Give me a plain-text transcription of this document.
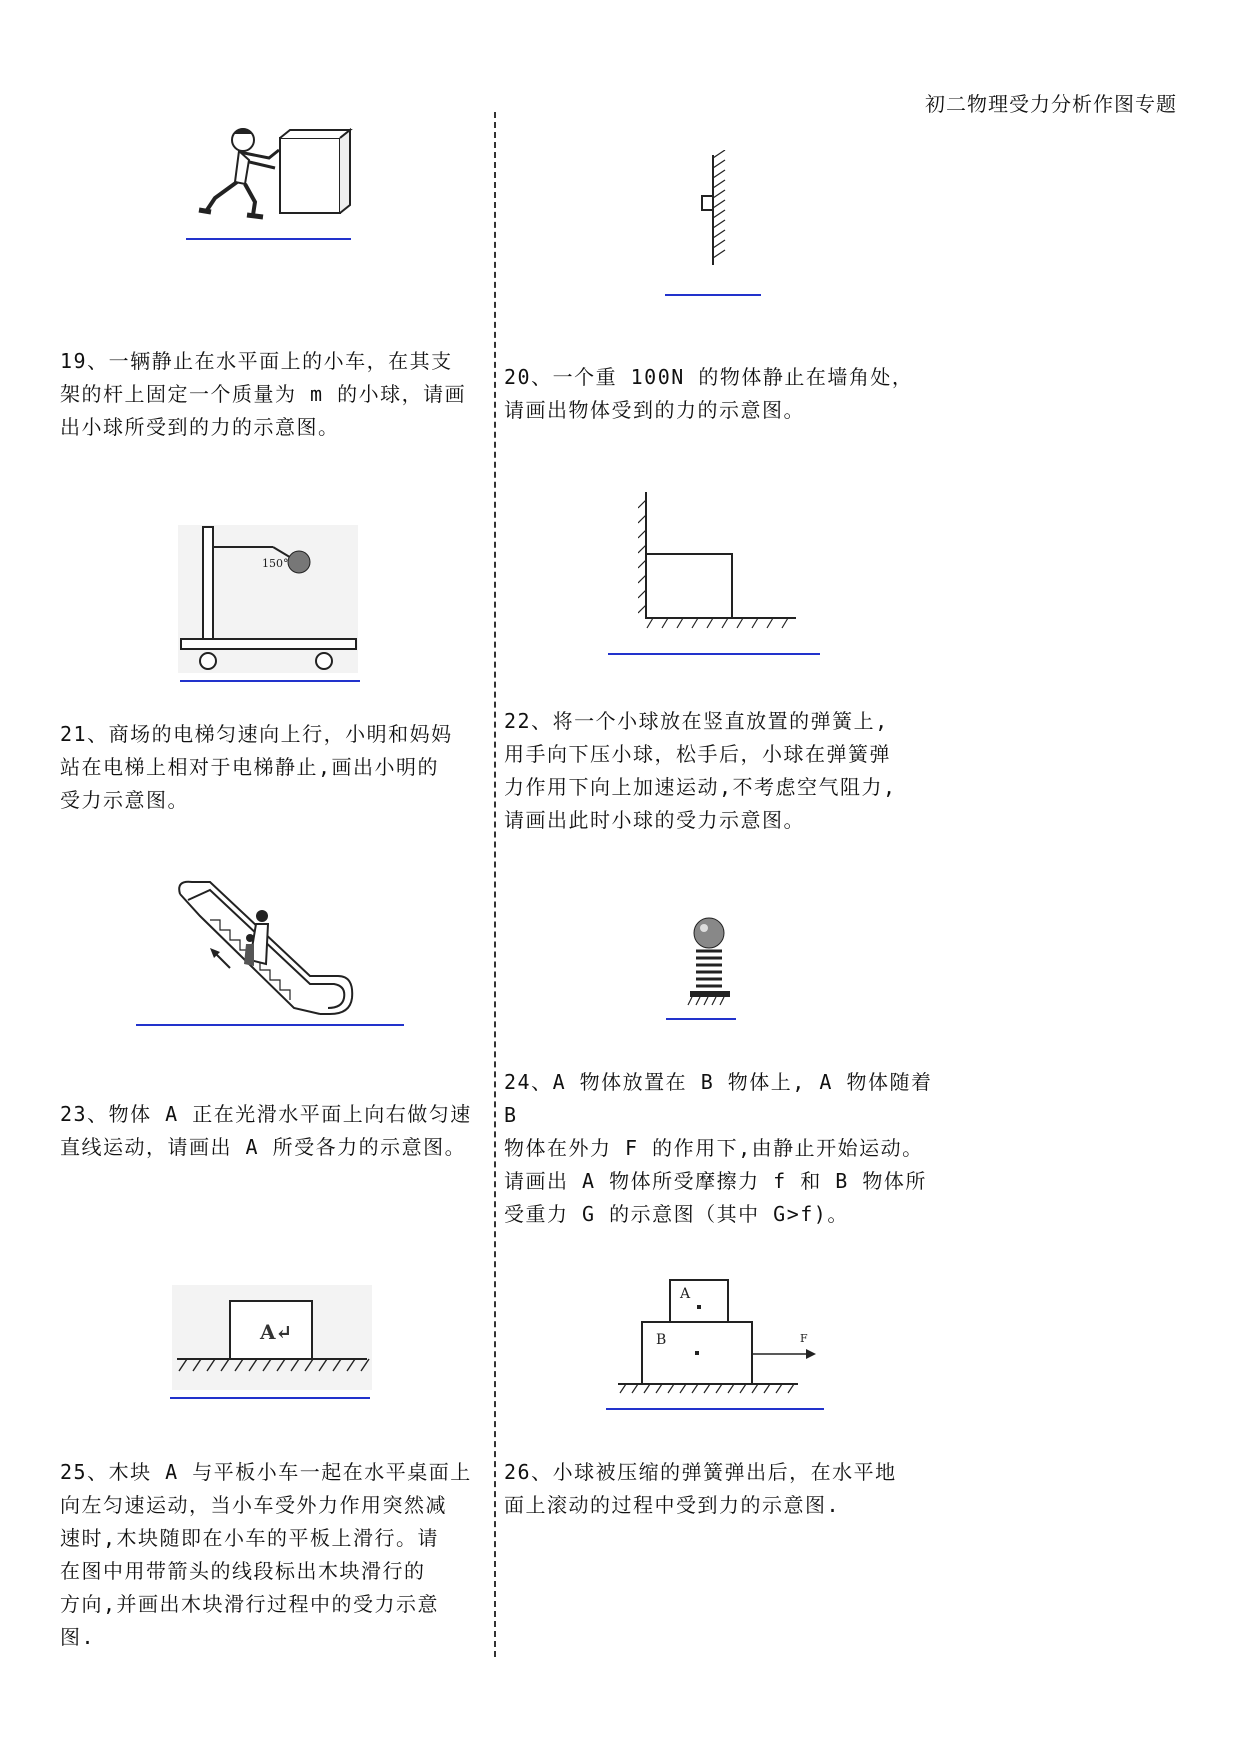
初二物理受力分析作图专题
19、一辆静止在水平面上的小车，在其支
架的杆上固定一个质量为 m 的小球，请画
出小球所受到的力的示意图。
20、一个重 100N 的物体静止在墙角处，
请画出物体受到的力的示意图。
150°
21、商场的电梯匀速向上行，小明和妈妈
站在电梯上相对于电梯静止,画出小明的
受力示意图。
22、将一个小球放在竖直放置的弹簧上,
用手向下压小球，松手后，小球在弹簧弹
力作用下向上加速运动,不考虑空气阻力,
请画出此时小球的受力示意图。
23、物体 A 正在光滑水平面上向右做匀速
直线运动，请画出 A 所受各力的示意图。
24、A 物体放置在 B 物体上, A 物体随着 B
物体在外力 F 的作用下,由静止开始运动。
请画出 A 物体所受摩擦力 f 和 B 物体所
受重力 G 的示意图（其中 G>f)。
A↵
A
B	F
25、木块 A 与平板小车一起在水平桌面上
向左匀速运动，当小车受外力作用突然减
速时,木块随即在小车的平板上滑行。请
在图中用带箭头的线段标出木块滑行的
方向,并画出木块滑行过程中的受力示意
图.
26、小球被压缩的弹簧弹出后，在水平地
面上滚动的过程中受到力的示意图.
